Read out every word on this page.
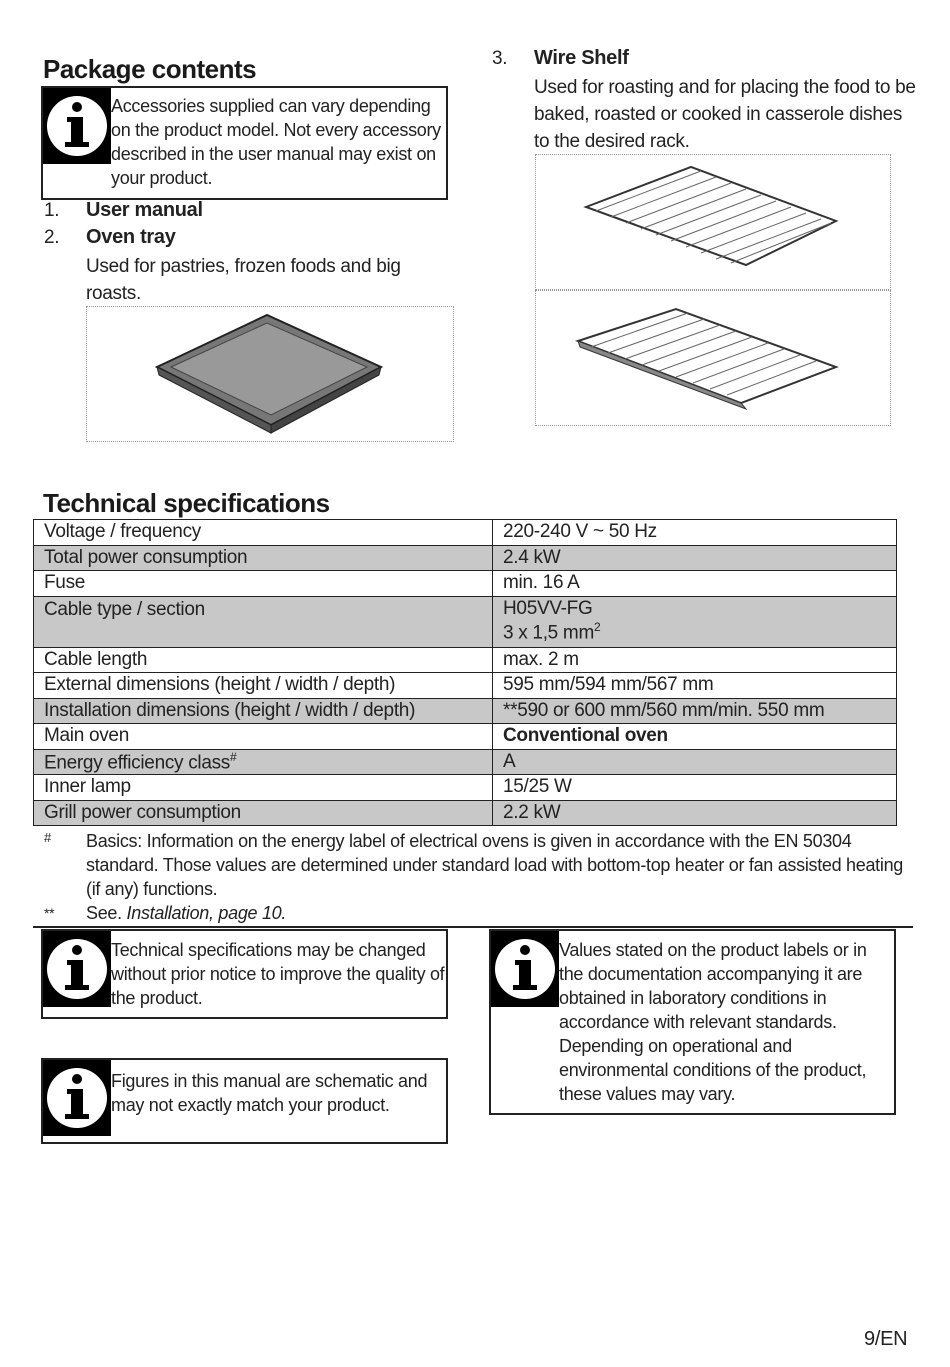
Package contents
Accessories supplied can vary depending on the product model. Not every accessory described in the user manual may exist on your product.
1. User manual
2. Oven tray
Used for pastries, frozen foods and big roasts.
3. Wire Shelf
Used for roasting and for placing the food to be baked, roasted or cooked in casserole dishes to the desired rack.
Technical specifications
Voltage / frequency	220-240 V ~ 50 Hz
Total power consumption	2.4 kW
Fuse	min. 16 A
Cable type / section	H05VV-FG
3 x 1,5 $mm^2$

Cable length	max. 2 m
External dimensions (height / width / depth)	595 mm/594 mm/567 mm
Installation dimensions (height / width / depth)	**590 or 600 mm/560 mm/min. 550 mm
Main oven	Conventional oven
Energy efficiency class#	A
Inner lamp	15/25 W
Grill power consumption	2.2 kW
# Basics: Information on the energy label of electrical ovens is given in accordance with the EN 50304 standard. Those values are determined under standard load with bottom-top heater or fan assisted heating (if any) functions.
** See. Installation, page 10.
Technical specifications may be changed without prior notice to improve the quality of the product.
Figures in this manual are schematic and may not exactly match your product.
Values stated on the product labels or in the documentation accompanying it are obtained in laboratory conditions in accordance with relevant standards. Depending on operational and environmental conditions of the product, these values may vary.
9/EN
